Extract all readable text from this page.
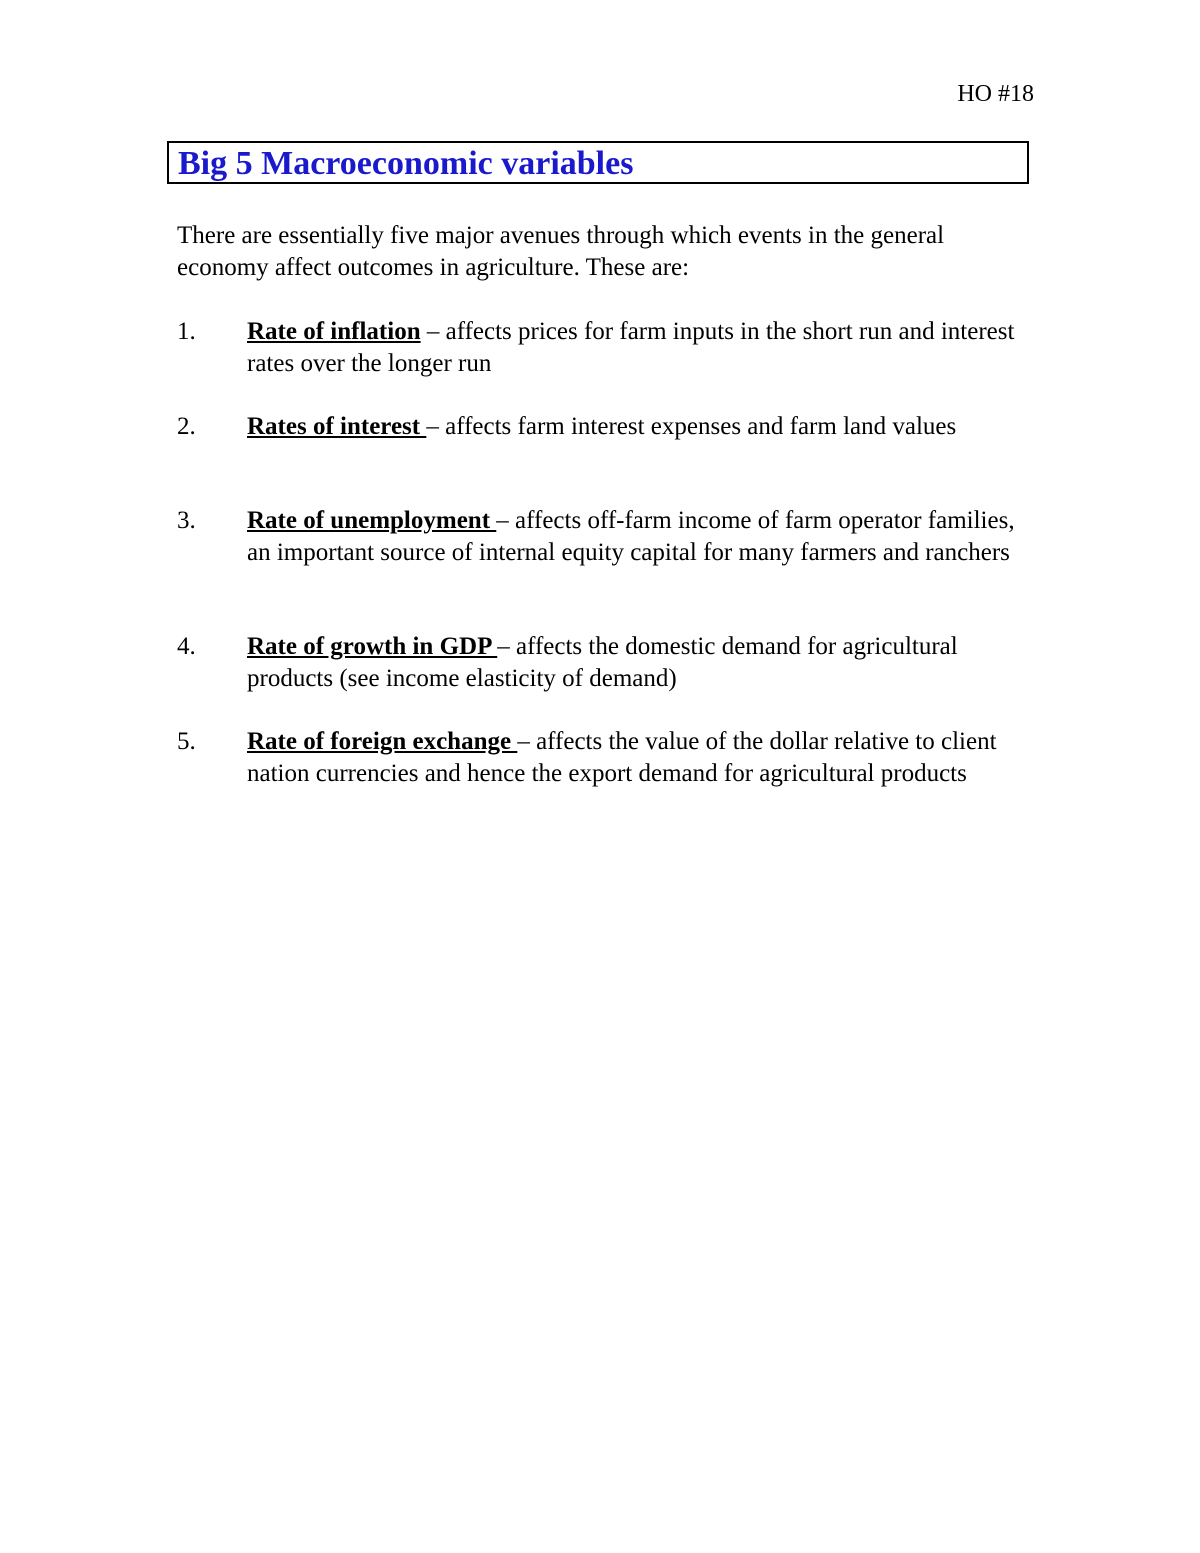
HO #18
Big 5 Macroeconomic variables

There are essentially five major avenues through which events in the general economy affect outcomes in agriculture. These are:

1.	Rate of inflation – affects prices for farm inputs in the short run and interest rates over the longer run
2.	Rates of interest – affects farm interest expenses and farm land values
3.	Rate of unemployment – affects off-farm income of farm operator families, an important source of internal equity capital for many farmers and ranchers
4.	Rate of growth in GDP – affects the domestic demand for agricultural products (see income elasticity of demand)
5.	Rate of foreign exchange – affects the value of the dollar relative to client nation currencies and hence the export demand for agricultural products
